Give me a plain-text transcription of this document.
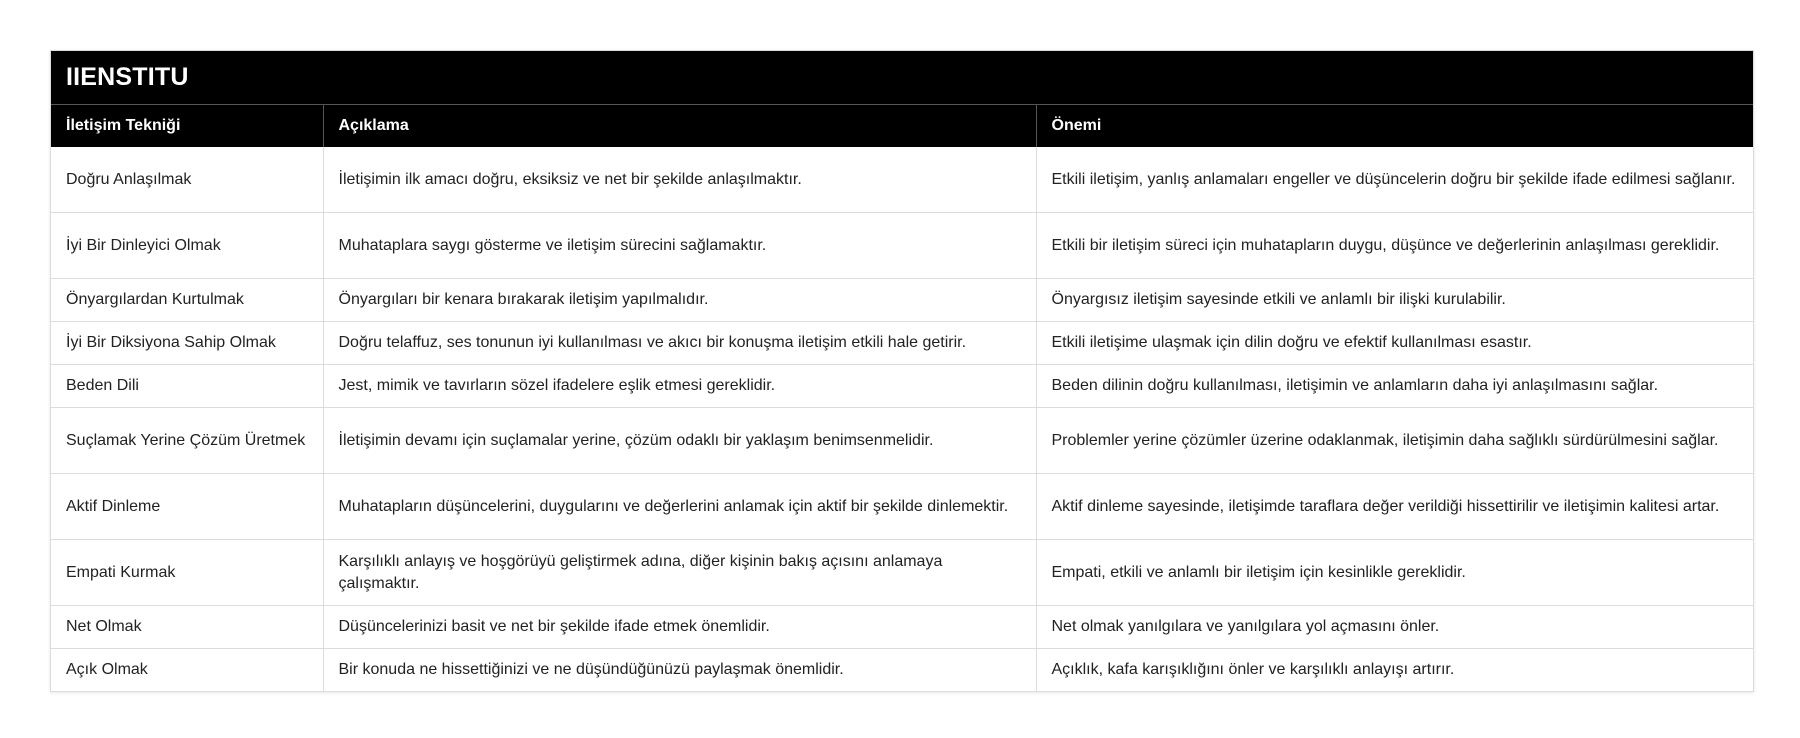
IIENSTITU
İletişim Tekniği	Açıklama	Önemi
Doğru Anlaşılmak	İletişimin ilk amacı doğru, eksiksiz ve net bir şekilde anlaşılmaktır.	Etkili iletişim, yanlış anlamaları engeller ve düşüncelerin doğru bir şekilde ifade edilmesi sağlanır.
İyi Bir Dinleyici Olmak	Muhataplara saygı gösterme ve iletişim sürecini sağlamaktır.	Etkili bir iletişim süreci için muhatapların duygu, düşünce ve değerlerinin anlaşılması gereklidir.
Önyargılardan Kurtulmak	Önyargıları bir kenara bırakarak iletişim yapılmalıdır.	Önyargısız iletişim sayesinde etkili ve anlamlı bir ilişki kurulabilir.
İyi Bir Diksiyona Sahip Olmak	Doğru telaffuz, ses tonunun iyi kullanılması ve akıcı bir konuşma iletişim etkili hale getirir.	Etkili iletişime ulaşmak için dilin doğru ve efektif kullanılması esastır.
Beden Dili	Jest, mimik ve tavırların sözel ifadelere eşlik etmesi gereklidir.	Beden dilinin doğru kullanılması, iletişimin ve anlamların daha iyi anlaşılmasını sağlar.
Suçlamak Yerine Çözüm Üretmek	İletişimin devamı için suçlamalar yerine, çözüm odaklı bir yaklaşım benimsenmelidir.	Problemler yerine çözümler üzerine odaklanmak, iletişimin daha sağlıklı sürdürülmesini sağlar.
Aktif Dinleme	Muhatapların düşüncelerini, duygularını ve değerlerini anlamak için aktif bir şekilde dinlemektir.	Aktif dinleme sayesinde, iletişimde taraflara değer verildiği hissettirilir ve iletişimin kalitesi artar.
Empati Kurmak	Karşılıklı anlayış ve hoşgörüyü geliştirmek adına, diğer kişinin bakış açısını anlamaya çalışmaktır.	Empati, etkili ve anlamlı bir iletişim için kesinlikle gereklidir.
Net Olmak	Düşüncelerinizi basit ve net bir şekilde ifade etmek önemlidir.	Net olmak yanılgılara ve yanılgılara yol açmasını önler.
Açık Olmak	Bir konuda ne hissettiğinizi ve ne düşündüğünüzü paylaşmak önemlidir.	Açıklık, kafa karışıklığını önler ve karşılıklı anlayışı artırır.
